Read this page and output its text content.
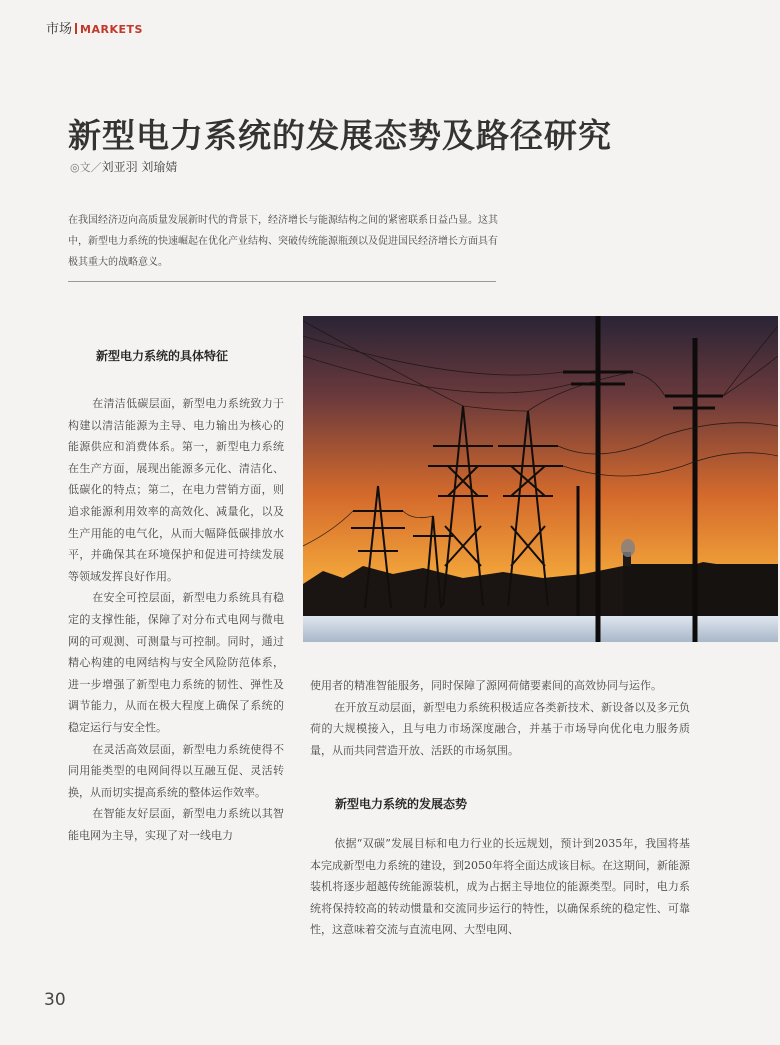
市场 MARKETS
新型电力系统的发展态势及路径研究
◎文／刘亚羽 刘瑜婧
在我国经济迈向高质量发展新时代的背景下，经济增长与能源结构之间的紧密联系日益凸显。这其中，新型电力系统的快速崛起在优化产业结构、突破传统能源瓶颈以及促进国民经济增长方面具有极其重大的战略意义。
新型电力系统的具体特征

在清洁低碳层面，新型电力系统致力于构建以清洁能源为主导、电力输出为核心的能源供应和消费体系。第一，新型电力系统在生产方面，展现出能源多元化、清洁化、低碳化的特点；第二，在电力营销方面，则追求能源利用效率的高效化、减量化，以及生产用能的电气化，从而大幅降低碳排放水平，并确保其在环境保护和促进可持续发展等领域发挥良好作用。

在安全可控层面，新型电力系统具有稳定的支撑性能，保障了对分布式电网与微电网的可观测、可测量与可控制。同时，通过精心构建的电网结构与安全风险防范体系，进一步增强了新型电力系统的韧性、弹性及调节能力，从而在极大程度上确保了系统的稳定运行与安全性。

在灵活高效层面，新型电力系统使得不同用能类型的电网间得以互融互促、灵活转换，从而切实提高系统的整体运作效率。

在智能友好层面，新型电力系统以其智能电网为主导，实现了对一线电力

使用者的精准智能服务，同时保障了源网荷储要素间的高效协同与运作。

在开放互动层面，新型电力系统积极适应各类新技术、新设备以及多元负荷的大规模接入，且与电力市场深度融合，并基于市场导向优化电力服务质量，从而共同营造开放、活跃的市场氛围。

新型电力系统的发展态势

依据“双碳”发展目标和电力行业的长远规划，预计到2035年，我国将基本完成新型电力系统的建设，到2050年将全面达成该目标。在这期间，新能源装机将逐步超越传统能源装机，成为占据主导地位的能源类型。同时，电力系统将保持较高的转动惯量和交流同步运行的特性，以确保系统的稳定性、可靠性，这意味着交流与直流电网、大型电网、

30
